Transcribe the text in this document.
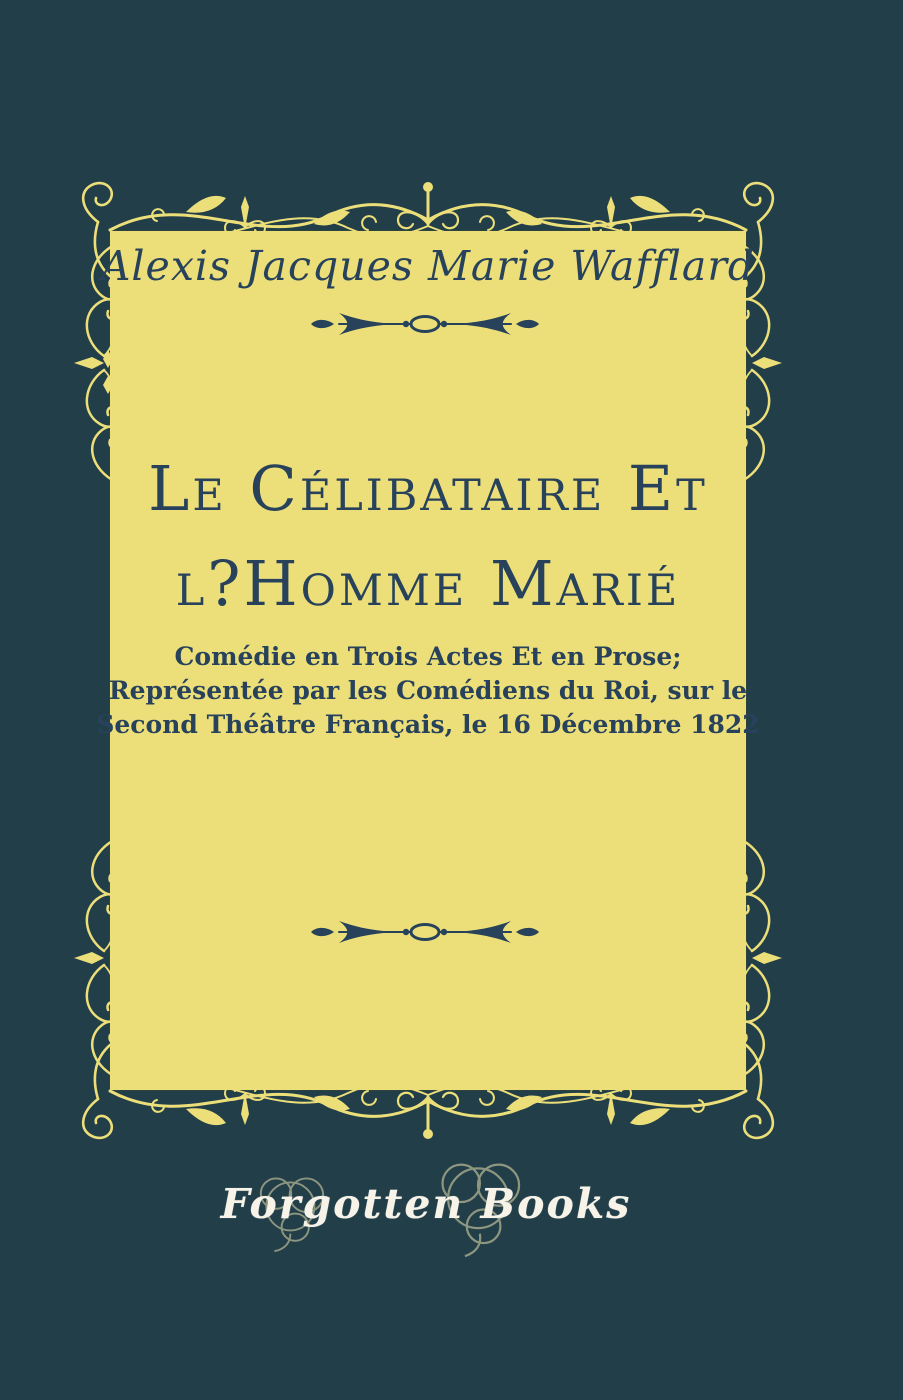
Alexis Jacques Marie Wafflard
Le Célibataire Et
l?Homme Marié
Comédie en Trois Actes Et en Prose;
Représentée par les Comédiens du Roi, sur le
Second Théâtre Français, le 16 Décembre 1822
Forgotten Books
